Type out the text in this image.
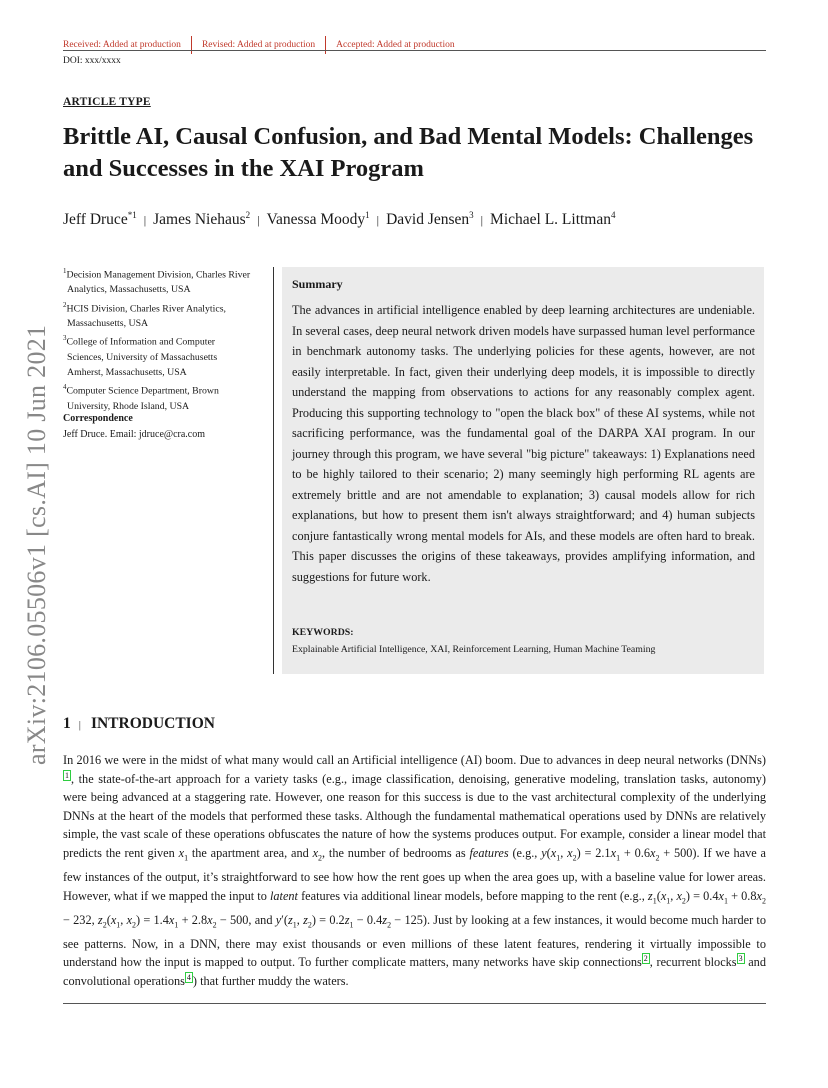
Received: Added at production Revised: Added at production Accepted: Added at production
DOI: xxx/xxxx
ARTICLE TYPE
Brittle AI, Causal Confusion, and Bad Mental Models: Challenges and Successes in the XAI Program
Jeff Druce$^{*1}$ | James Niehaus$^2$ | Vanessa Moody$^1$ | David Jensen$^3$ | Michael L. Littman$^4$
arXiv:2106.05506v1 [cs.AI] 10 Jun 2021
$^1$Decision Management Division, Charles River Analytics, Massachusetts, USA
$^2$HCIS Division, Charles River Analytics, Massachusetts, USA
$^3$College of Information and Computer Sciences, University of Massachusetts Amherst, Massachusetts, USA
$^4$Computer Science Department, Brown University, Rhode Island, USA
Correspondence
Jeff Druce. Email: jdruce@cra.com
Summary
The advances in artificial intelligence enabled by deep learning architectures are undeniable. In several cases, deep neural network driven models have surpassed human level performance in benchmark autonomy tasks. The underlying policies for these agents, however, are not easily interpretable. In fact, given their underlying deep models, it is impossible to directly understand the mapping from observations to actions for any reasonably complex agent. Producing this supporting technology to "open the black box" of these AI systems, while not sacrificing performance, was the fundamental goal of the DARPA XAI program. In our journey through this program, we have several "big picture" takeaways: 1) Explanations need to be highly tailored to their scenario; 2) many seemingly high performing RL agents are extremely brittle and are not amendable to explanation; 3) causal models allow for rich explanations, but how to present them isn't always straightforward; and 4) human subjects conjure fantastically wrong mental models for AIs, and these models are often hard to break. This paper discusses the origins of these takeaways, provides amplifying information, and suggestions for future work.
KEYWORDS:
Explainable Artificial Intelligence, XAI, Reinforcement Learning, Human Machine Teaming
1 | INTRODUCTION

In 2016 we were in the midst of what many would call an Artificial intelligence (AI) boom. Due to advances in deep neural networks (DNNs)1 , the state-of-the-art approach for a variety tasks (e.g., image classification, denoising, generative modeling, translation tasks, autonomy) were being advanced at a staggering rate. However, one reason for this success is due to the vast architectural complexity of the underlying DNNs at the heart of the models that performed these tasks. Although the fundamental mathematical operations used by DNNs are relatively simple, the vast scale of these operations obfuscates the nature of how the systems produces output. For example, consider a linear model that predicts the rent given $x_1$ the apartment area, and $x_2$, the number of bedrooms as features (e.g., $y(x_1$, $x_2) = 2.1x_1 + 0.6x_2 + 500$). If we have a few instances of the output, it’s straightforward to see how how the rent goes up when the area goes up, with a baseline value for lower areas. However, what if we mapped the input to latent features via additional linear models, before mapping to the rent (e.g., $z_1(x_1$, $x_2) = 0.4x_1 + 0.8x_2 - 232$, $z_2(x_1$, $x_2) = 1.4x_1 + 2.8x_2 - 500$, and $y'(z_1$, $z_2) = 0.2z_1 - 0.4z_2 - 125$). Just by looking at a few instances, it would become much harder to see patterns. Now, in a DNN, there may exist thousands or even millions of these latent features, rendering it virtually impossible to understand how the input is mapped to output. To further complicate matters, many networks have skip connections 2 , recurrent blocks 3 and convolutional operations 4 ) that further muddy the waters.
